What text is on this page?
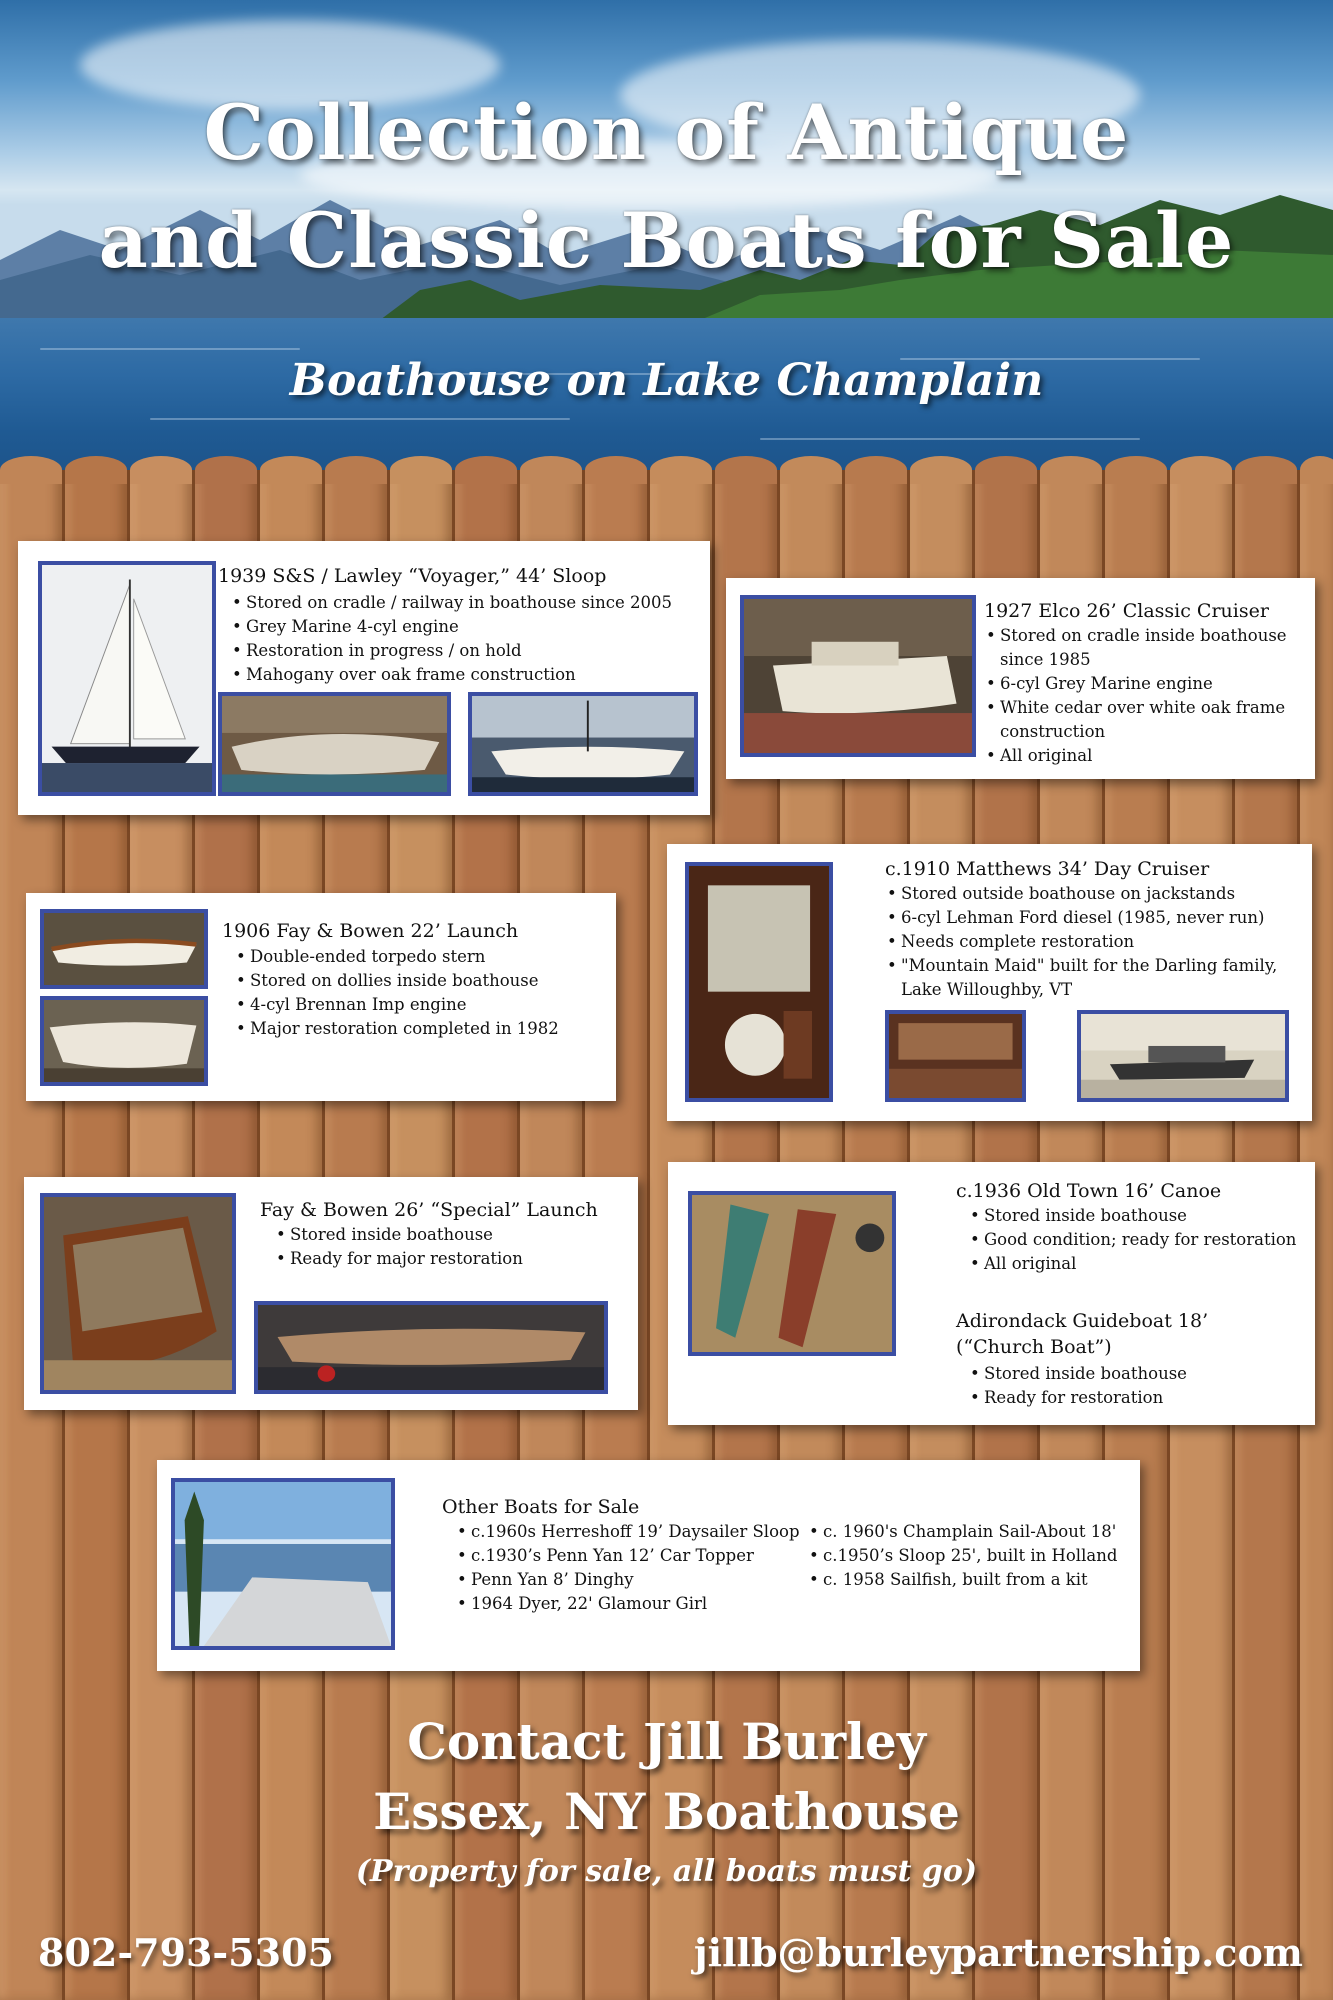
Collection of Antique
and Classic Boats for Sale
Boathouse on Lake Champlain
1939 S&S / Lawley “Voyager,” 44’ Sloop
• Stored on cradle / railway in boathouse since 2005
• Grey Marine 4-cyl engine
• Restoration in progress / on hold
• Mahogany over oak frame construction
1927 Elco 26’ Classic Cruiser
• Stored on cradle inside boathouse since 1985
• 6-cyl Grey Marine engine
• White cedar over white oak frame construction
• All original
1906 Fay & Bowen 22’ Launch
• Double-ended torpedo stern
• Stored on dollies inside boathouse
• 4-cyl Brennan Imp engine
• Major restoration completed in 1982
c.1910 Matthews 34’ Day Cruiser
• Stored outside boathouse on jackstands
• 6-cyl Lehman Ford diesel (1985, never run)
• Needs complete restoration
• "Mountain Maid" built for the Darling family, Lake Willoughby, VT
Fay & Bowen 26’ “Special” Launch
• Stored inside boathouse
• Ready for major restoration
c.1936 Old Town 16’ Canoe
• Stored inside boathouse
• Good condition; ready for restoration
• All original
Adirondack Guideboat 18’
(“Church Boat”)
• Stored inside boathouse
• Ready for restoration
Other Boats for Sale
• c.1960s Herreshoff 19’ Daysailer Sloop
• c.1930’s Penn Yan 12’ Car Topper
• Penn Yan 8’ Dinghy
• 1964 Dyer, 22' Glamour Girl
• c. 1960's Champlain Sail-About 18'
• c.1950’s Sloop 25', built in Holland
• c. 1958 Sailfish, built from a kit
Contact Jill Burley
Essex, NY Boathouse
(Property for sale, all boats must go)
802-793-5305	jillb@burleypartnership.com
